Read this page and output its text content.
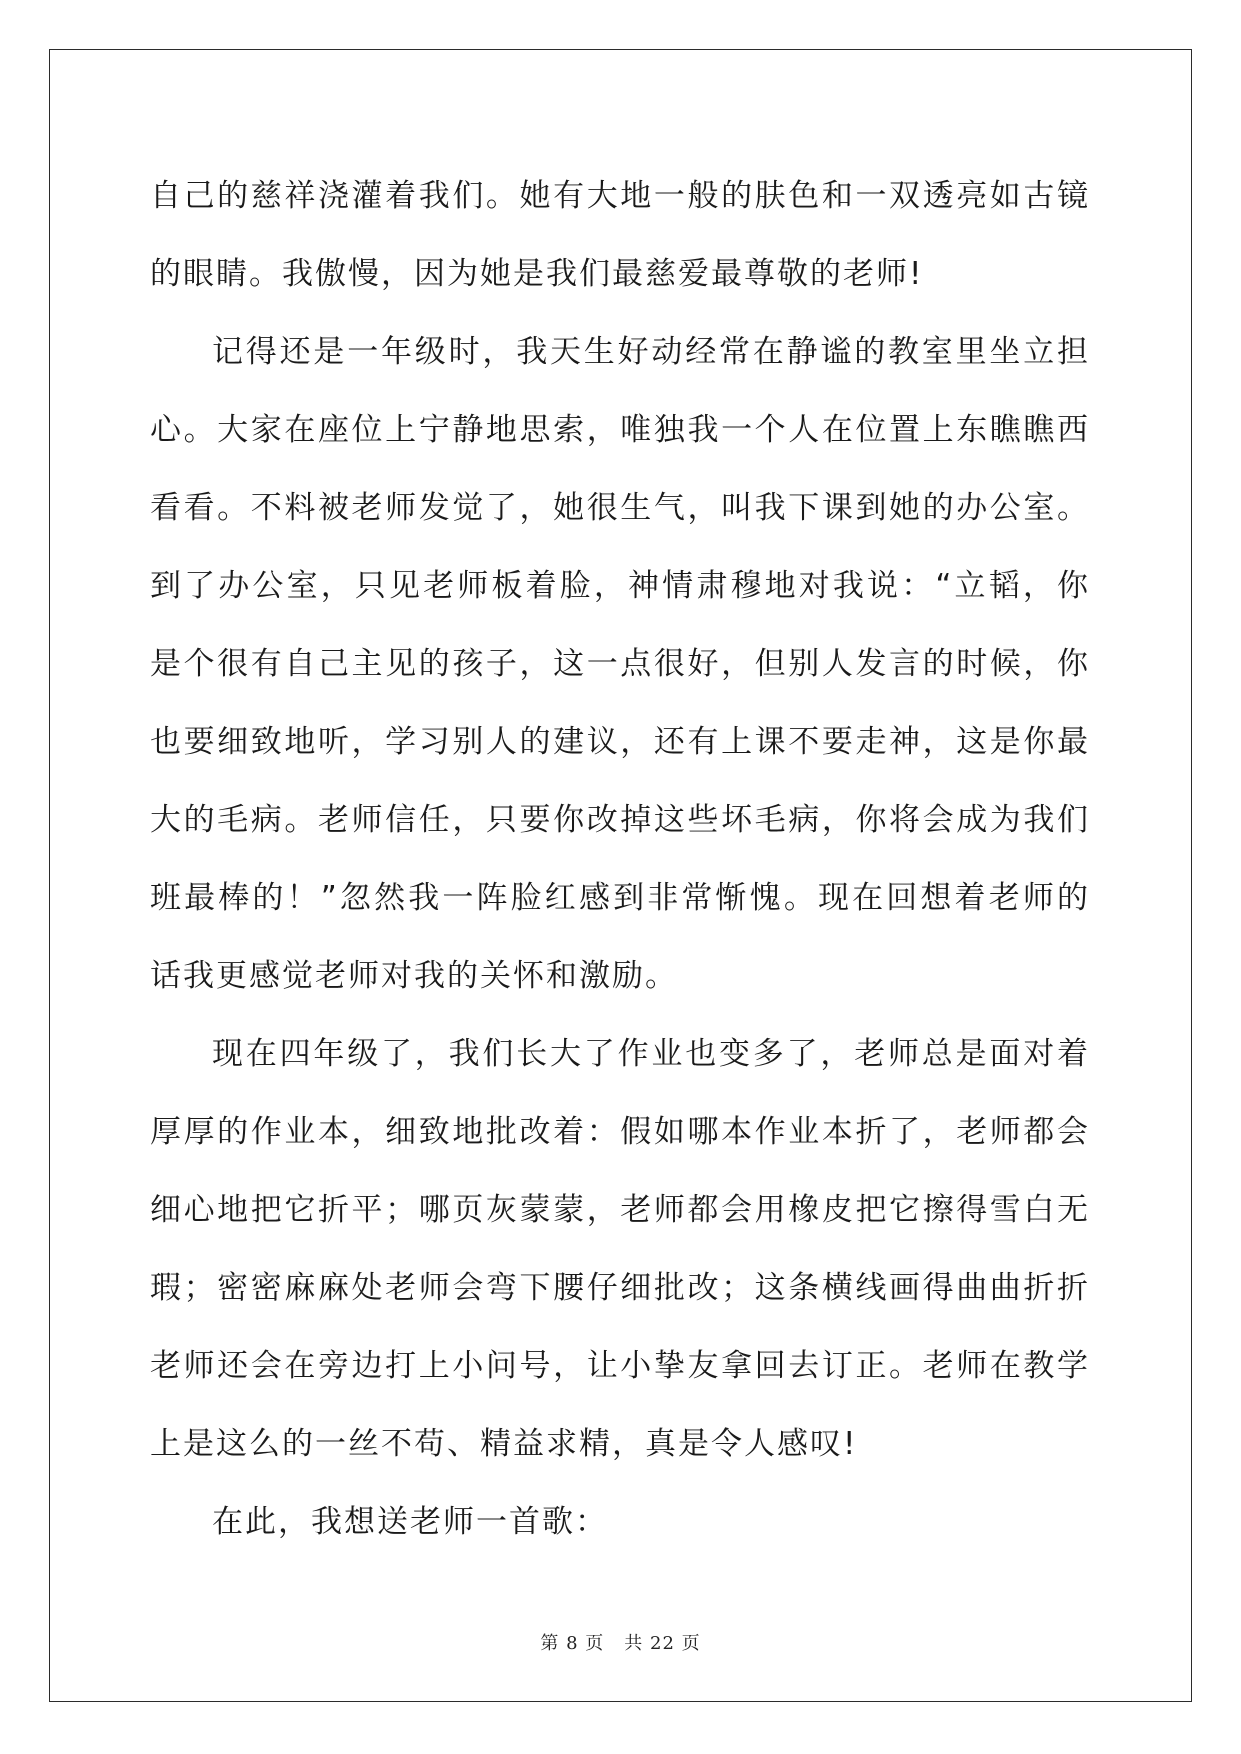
自己的慈祥浇灌着我们。她有大地一般的肤色和一双透亮如古镜的眼睛。我傲慢，因为她是我们最慈爱最尊敬的老师!

记得还是一年级时，我天生好动经常在静谧的教室里坐立担心。大家在座位上宁静地思索，唯独我一个人在位置上东瞧瞧西看看。不料被老师发觉了，她很生气，叫我下课到她的办公室。到了办公室，只见老师板着脸，神情肃穆地对我说：“立韬，你是个很有自己主见的孩子，这一点很好，但别人发言的时候，你也要细致地听，学习别人的建议，还有上课不要走神，这是你最大的毛病。老师信任，只要你改掉这些坏毛病，你将会成为我们班最棒的！”忽然我一阵脸红感到非常惭愧。现在回想着老师的话我更感觉老师对我的关怀和激励。

现在四年级了，我们长大了作业也变多了，老师总是面对着厚厚的作业本，细致地批改着：假如哪本作业本折了，老师都会细心地把它折平；哪页灰蒙蒙，老师都会用橡皮把它擦得雪白无瑕；密密麻麻处老师会弯下腰仔细批改；这条横线画得曲曲折折老师还会在旁边打上小问号，让小挚友拿回去订正。老师在教学上是这么的一丝不苟、精益求精，真是令人感叹!

在此，我想送老师一首歌：

第 8 页 共 22 页
